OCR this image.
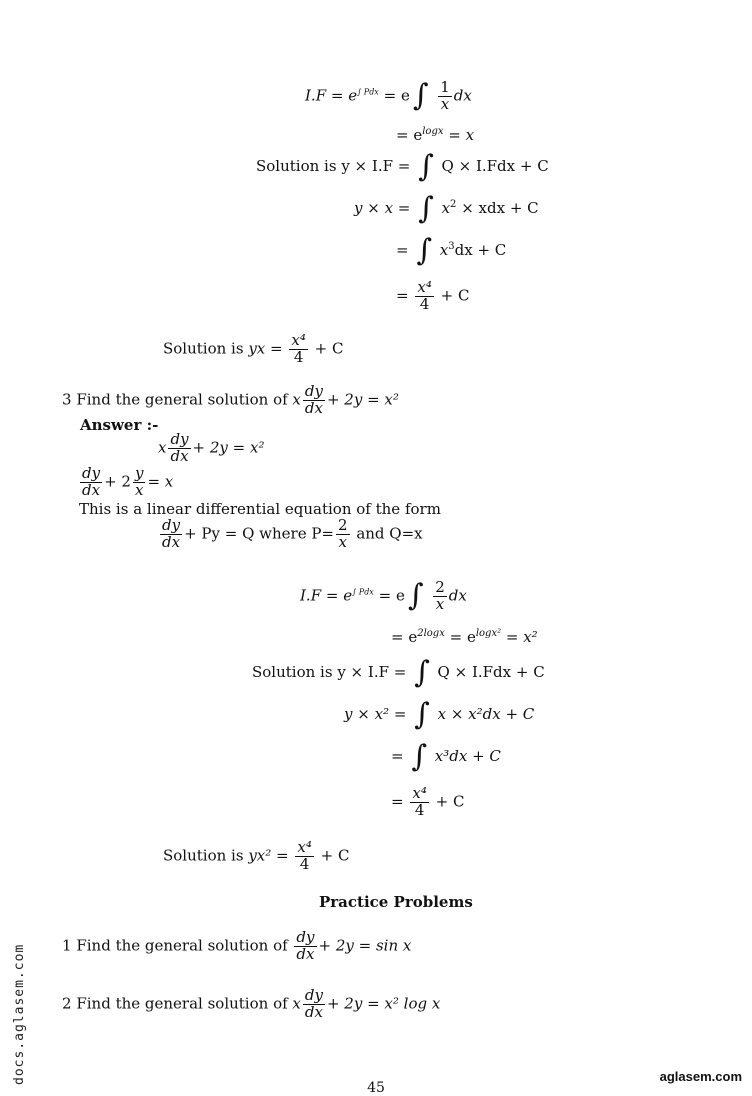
$I.F = e^{\int Pdx} = e$ ∫ $\frac{1}{x}$ dx
= $e^{logx} = x$
Solution is y × I.F = ∫ Q × I.Fdx + C
y × x = ∫ $x^2$ × xdx + C
= ∫ $x^3dx + C$
= $\frac{\text{x⁴}}{4} + C$
Solution is yx = $\frac{\text{x⁴}}{4} + C$
3 Find the general solution of x $\frac{dy}{dx} + 2y = x^2$
Answer :-
x $\frac{dy}{dx} + 2y = x^2$
$\frac{dy}{dx} + 2 \frac{y}{x} = x$
This is a linear differential equation of the form
$\frac{dy}{dx} + Py = Q$ where $P= \frac{2}{x}$ and Q=x
$I.F = e^{\int Pdx} = e$ ∫ $\frac{2}{x}$ dx
= $e^{2logx} = e^{logx^2} = x^2$
Solution is y × I.F = ∫ Q × I.Fdx + C
y × x² = ∫ x × x²dx + C
= ∫ x³dx + C
= $\frac{\text{x⁴}}{4} + C$
Solution is $yx^2 = \frac{\text{x⁴}}{4} + C$
Practice Problems
1 Find the general solution of $\frac{dy}{dx} + 2y = \sin x$
2 Find the general solution of x $\frac{dy}{dx} + 2y = x^2$ log x
docs.aglasem.com	aglasem.com
45
